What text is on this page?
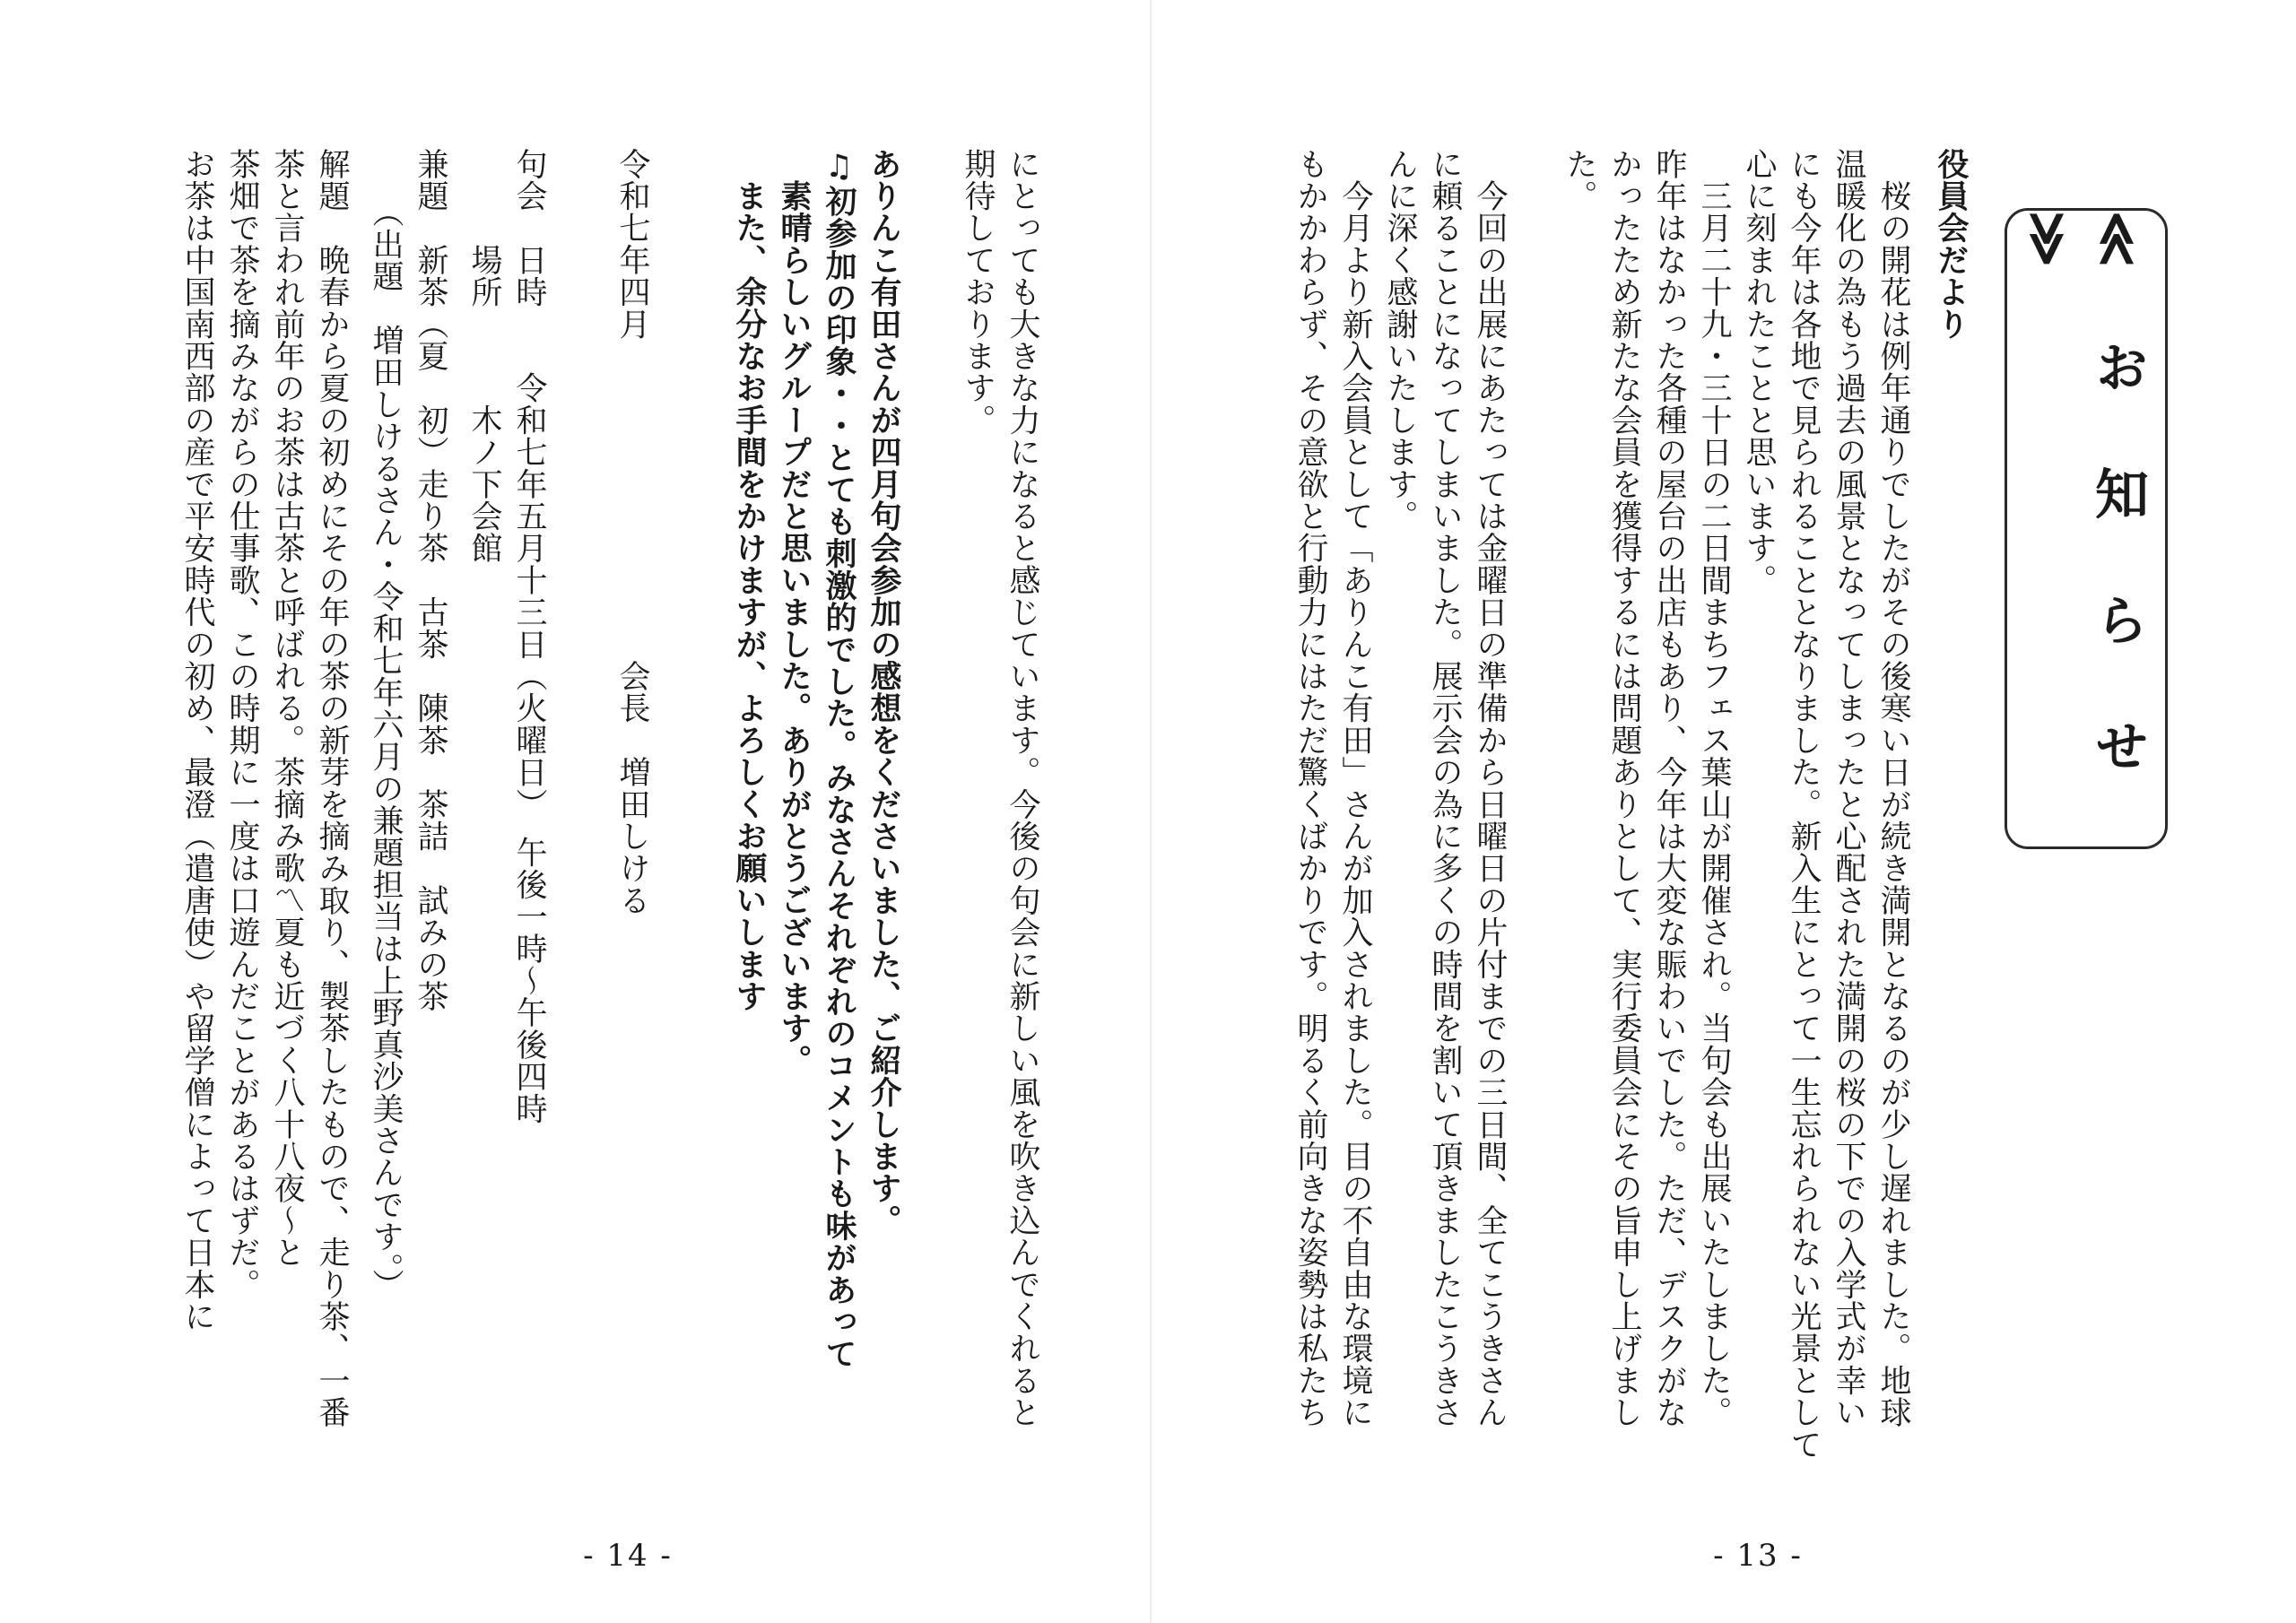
≪ お 知 ら せ ≫
役員会だより
　桜の開花は例年通りでしたがその後寒い日が続き満開となるのが少し遅れました。地球
温暖化の為もう過去の風景となってしまったと心配された満開の桜の下での入学式が幸い
にも今年は各地で見られることとなりました。新入生にとって一生忘れられない光景として
心に刻まれたことと思います。
　三月二十九・三十日の二日間まちフェス葉山が開催され。当句会も出展いたしました。
昨年はなかった各種の屋台の出店もあり、今年は大変な賑わいでした。ただ、デスクがな
かったため新たな会員を獲得するには問題ありとして、実行委員会にその旨申し上げまし
た。
　今回の出展にあたっては金曜日の準備から日曜日の片付までの三日間、全てこうきさん
に頼ることになってしまいました。展示会の為に多くの時間を割いて頂きましたこうきさ
んに深く感謝いたします。
　今月より新入会員として「ありんこ有田」さんが加入されました。目の不自由な環境に
もかかわらず、その意欲と行動力にはただ驚くばかりです。明るく前向きな姿勢は私たち
- 13 -
にとっても大きな力になると感じています。今後の句会に新しい風を吹き込んでくれると
期待しております。
ありんこ有田さんが四月句会参加の感想をくださいました、ご紹介します。
♫初参加の印象・・とても刺激的でした。みなさんそれぞれのコメントも味があって
　素晴らしいグループだと思いました。ありがとうございます。
　また、余分なお手間をかけますが、よろしくお願いします
令和七年四月　　　　　　　　　　会長　増田しける
句会　日時　　令和七年五月十三日（火曜日）　午後一時～午後四時
　　　場所　　　木ノ下会館
兼題　新茶（夏　初）走り茶　古茶　陳茶　茶詰　試みの茶
　　（出題　増田しけるさん・令和七年六月の兼題担当は上野真沙美さんです。）
解題　晩春から夏の初めにその年の茶の新芽を摘み取り、製茶したもので、走り茶、一番
茶と言われ前年のお茶は古茶と呼ばれる。茶摘み歌〽夏も近づく八十八夜～と
茶畑で茶を摘みながらの仕事歌、この時期に一度は口遊んだことがあるはずだ。
お茶は中国南西部の産で平安時代の初め、最澄（遣唐使）や留学僧によって日本に
- 14 -
